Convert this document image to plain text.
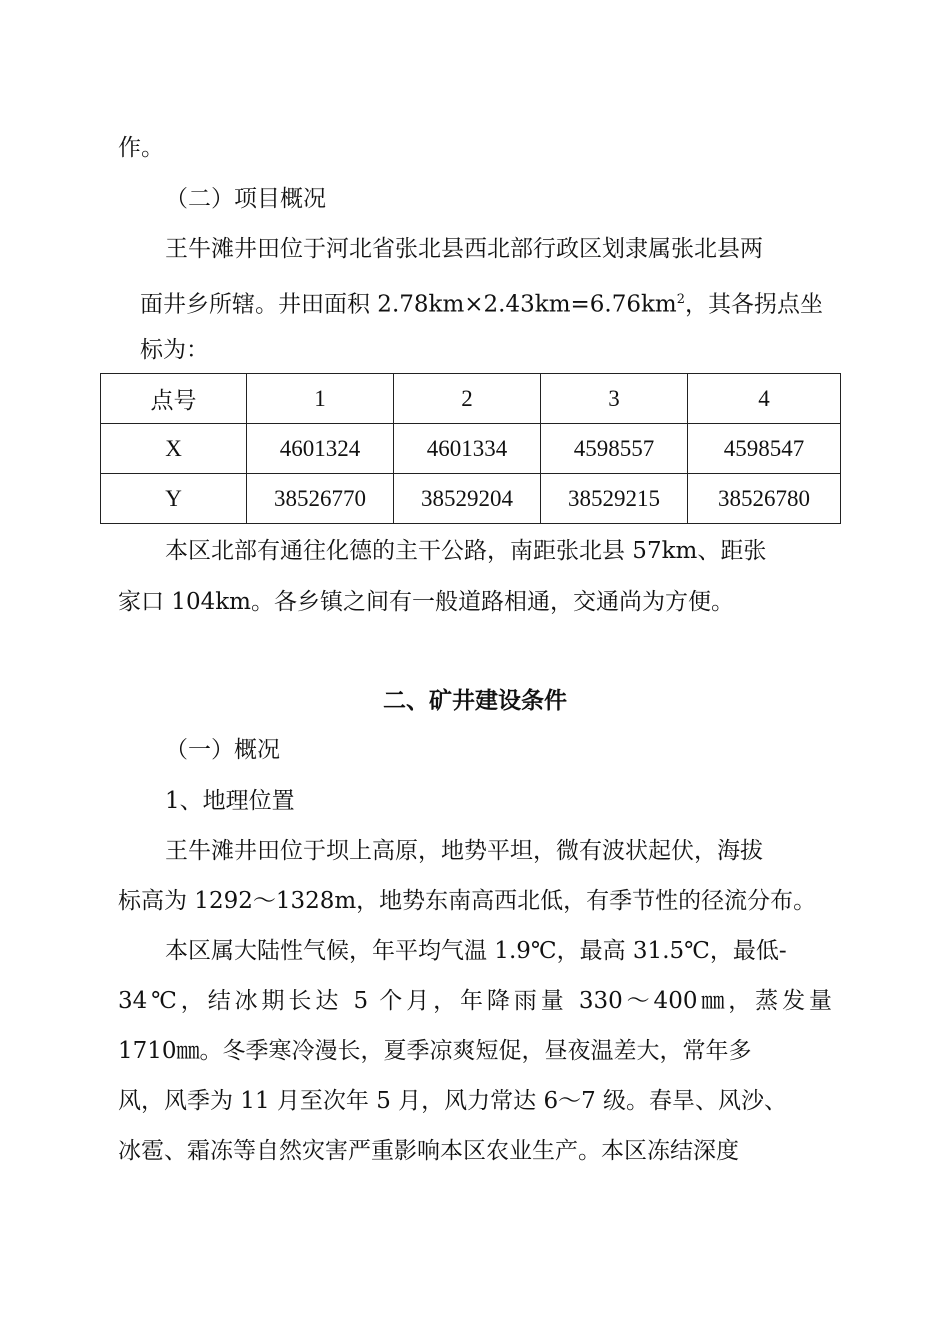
作。
（二）项目概况
王牛滩井田位于河北省张北县西北部行政区划隶属张北县两
面井乡所辖。井田面积 $2.78km\times 2.43km=6.76km^2$，其各拐点坐
标为：
点号	1	2	3	4
X	4601324	4601334	4598557	4598547
Y	38526770	38529204	38529215	38526780
本区北部有通往化德的主干公路，南距张北县 57km、距张
家口 104km。各乡镇之间有一般道路相通，交通尚为方便。
二、矿井建设条件
（一）概况
1、地理位置
王牛滩井田位于坝上高原，地势平坦，微有波状起伏，海拔
标高为 1292～1328m，地势东南高西北低，有季节性的径流分布。
本区属大陆性气候，年平均气温 1.9℃，最高 31.5℃，最低-
34℃，结冰期长达 5 个月，年降雨量 330～400㎜，蒸发量
1710㎜。冬季寒冷漫长，夏季凉爽短促，昼夜温差大，常年多
风，风季为 11 月至次年 5 月，风力常达 6～7 级。春旱、风沙、
冰雹、霜冻等自然灾害严重影响本区农业生产。本区冻结深度
